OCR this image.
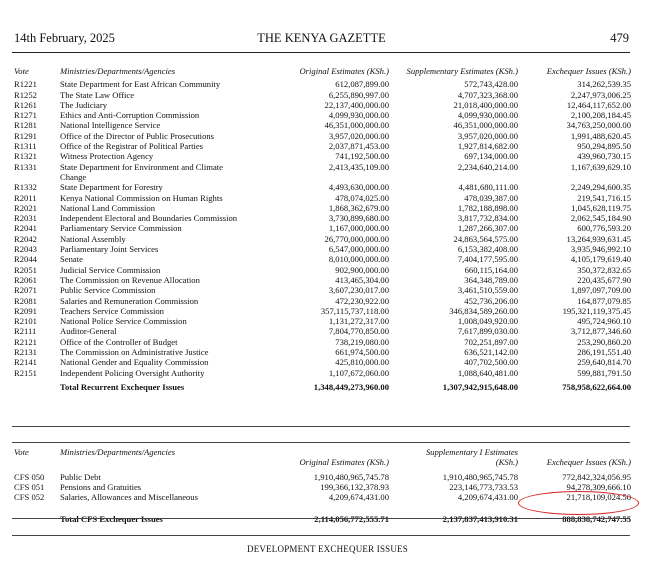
14th February, 2025	THE KENYA GAZETTE	479
Vote	Ministries/Departments/Agencies	Original Estimates (KSh.)	Supplementary Estimates (KSh.)	Exchequer Issues (KSh.)

R1221	State Department for East African Community	612,087,899.00	572,743,428.00	314,262,539.35
R1252	The State Law Office	6,255,890,997.00	4,707,323,368.00	2,247,973,006.25
R1261	The Judiciary	22,137,400,000.00	21,018,400,000.00	12,464,117,652.00
R1271	Ethics and Anti-Corruption Commission	4,099,930,000.00	4,099,930,000.00	2,100,208,184.45
R1281	National Intelligence Service	46,351,000,000.00	46,351,000,000.00	34,763,250,000.00
R1291	Office of the Director of Public Prosecutions	3,957,020,000.00	3,957,020,000.00	1,991,488,620.45
R1311	Office of the Registrar of Political Parties	2,037,871,453.00	1,927,814,682.00	950,294,895.50
R1321	Witness Protection Agency	741,192,500.00	697,134,000.00	439,960,730.15
R1331	State Department for Environment and Climate Change	2,413,435,109.00	2,234,640,214.00	1,167,639,629.10
R1332	State Department for Forestry	4,493,630,000.00	4,481,680,111.00	2,249,294,600.35
R2011	Kenya National Commission on Human Rights	478,074,025.00	478,039,387.00	219,541,716.15
R2021	National Land Commission	1,868,362,679.00	1,782,188,898.00	1,045,628,119.75
R2031	Independent Electoral and Boundaries Commission	3,730,899,680.00	3,817,732,834.00	2,062,545,184.90
R2041	Parliamentary Service Commission	1,167,000,000.00	1,287,266,307.00	600,776,593.20
R2042	National Assembly	26,770,000,000.00	24,863,564,575.00	13,264,939,631.45
R2043	Parliamentary Joint Services	6,547,000,000.00	6,153,382,408.00	3,935,946,992.10
R2044	Senate	8,010,000,000.00	7,404,177,595.00	4,105,179,619.40
R2051	Judicial Service Commission	902,900,000.00	660,115,164.00	350,372,832.65
R2061	The Commission on Revenue Allocation	413,465,304.00	364,348,789.00	220,435,677.90
R2071	Public Service Commission	3,607,230,017.00	3,461,510,559.00	1,897,097,709.00
R2081	Salaries and Remuneration Commission	472,230,922.00	452,736,206.00	164,877,079.85
R2091	Teachers Service Commission	357,115,737,118.00	346,834,589,260.00	195,321,119,375.45
R2101	National Police Service Commission	1,131,272,317.00	1,008,049,920.00	495,724,960.10
R2111	Auditor-General	7,804,770,850.00	7,617,899,030.00	3,712,877,346.60
R2121	Office of the Controller of Budget	738,219,080.00	702,251,897.00	253,290,860.20
R2131	The Commission on Administrative Justice	661,974,500.00	636,521,142.00	286,191,551.40
R2141	National Gender and Equality Commission	425,810,000.00	407,702,500.00	259,640,814.70
R2151	Independent Policing Oversight Authority	1,107,672,060.00	1,088,640,481.00	599,881,791.50

	Total Recurrent Exchequer Issues	1,348,449,273,960.00	1,307,942,915,648.00	758,958,622,664.00
Vote	Ministries/Departments/Agencies		Supplementary I Estimates	
		Original Estimates (KSh.)	(KSh.)	Exchequer Issues (KSh.)

CFS 050	Public Debt	1,910,480,965,745.78	1,910,480,965,745.78	772,842,324,056.95
CFS 051	Pensions and Gratuities	199,366,132,378.93	223,146,773,733.53	94,278,309,666.10
CFS 052	Salaries, Allowances and Miscellaneous	4,209,674,431.00	4,209,674,431.00	21,718,109,024.50

	Total CFS Exchequer Issues	2,114,056,772,555.71	2,137,837,413,910.31	888,838,742,747.55
DEVELOPMENT EXCHEQUER ISSUES
